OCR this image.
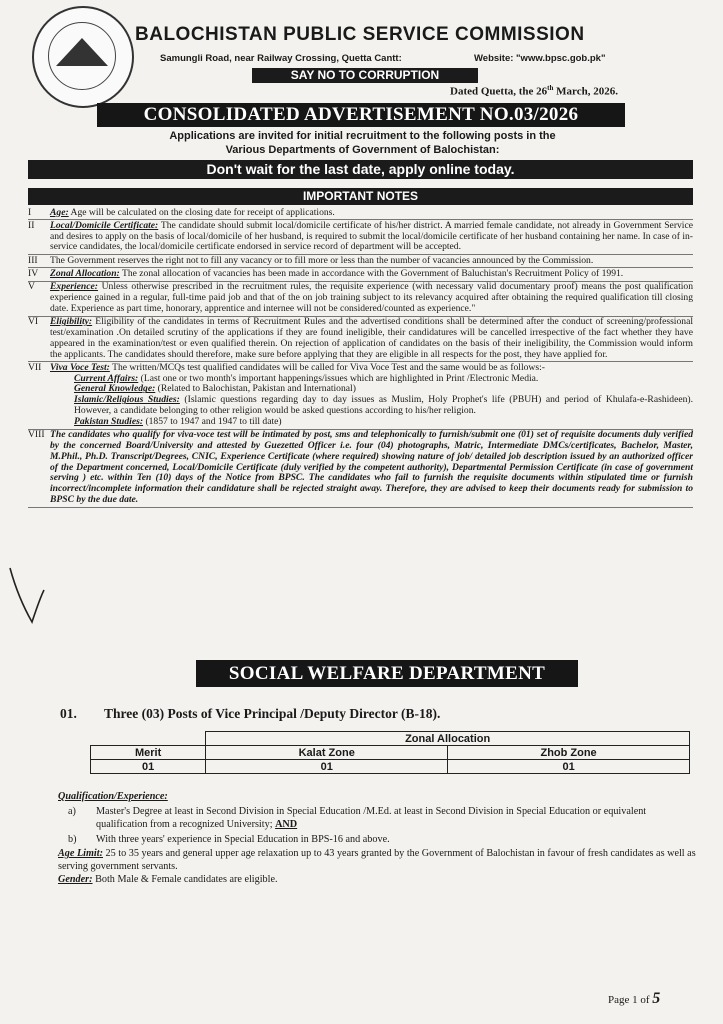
BALOCHISTAN PUBLIC SERVICE COMMISSION
Samungli Road, near Railway Crossing, Quetta Cantt:	Website: "www.bpsc.gob.pk"
SAY NO TO CORRUPTION
Dated Quetta, the 26th March, 2026.
CONSOLIDATED ADVERTISEMENT NO.03/2026
Applications are invited for initial recruitment to the following posts in the
Various Departments of Government of Balochistan:
Don't wait for the last date, apply online today.
IMPORTANT NOTES
I	Age: Age will be calculated on the closing date for receipt of applications.
II	Local/Domicile Certificate: The candidate should submit local/domicile certificate of his/her district. A married female candidate, not already in Government Service and desires to apply on the basis of local/domicile of her husband, is required to submit the local/domicile certificate of her husband containing her name. In case of in-service candidates, the local/domicile certificate endorsed in service record of department will be accepted.
III	The Government reserves the right not to fill any vacancy or to fill more or less than the number of vacancies announced by the Commission.
IV	Zonal Allocation: The zonal allocation of vacancies has been made in accordance with the Government of Baluchistan's Recruitment Policy of 1991.
V	Experience: Unless otherwise prescribed in the recruitment rules, the requisite experience (with necessary valid documentary proof) means the post qualification experience gained in a regular, full-time paid job and that of the on job training subject to its relevancy acquired after obtaining the required qualification till closing date. Experience as part time, honorary, apprentice and internee will not be considered/counted as experience."
VI	Eligibility: Eligibility of the candidates in terms of Recruitment Rules and the advertised conditions shall be determined after the conduct of screening/professional test/examination .On detailed scrutiny of the applications if they are found ineligible, their candidatures will be cancelled irrespective of the fact whether they have appeared in the examination/test or even qualified therein. On rejection of application of candidates on the basis of their ineligibility, the Commission would inform the applicants. The candidates should therefore, make sure before applying that they are eligible in all respects for the post, they have applied for.
VII Viva Voce Test: The written/MCQs test qualified candidates will be called for Viva Voce Test and the same would be as follows:-
Current Affairs: (Last one or two month's important happenings/issues which are highlighted in Print /Electronic Media.
General Knowledge: (Related to Balochistan, Pakistan and International)
Islamic/Religious Studies: (Islamic questions regarding day to day issues as Muslim, Holy Prophet's life (PBUH) and period of Khulafa-e-Rashideen). However, a candidate belonging to other religion would be asked questions according to his/her religion.
Pakistan Studies: (1857 to 1947 and 1947 to till date)
VIII The candidates who qualify for viva-voce test will be intimated by post, sms and telephonically to furnish/submit one (01) set of requisite documents duly verified by the concerned Board/University and attested by Guezetted Officer i.e. four (04) photographs, Matric, Intermediate DMCs/certificates, Bachelor, Master, M.Phil., Ph.D. Transcript/Degrees, CNIC, Experience Certificate (where required) showing nature of job/ detailed job description issued by an authorized officer of the Department concerned, Local/Domicile Certificate (duly verified by the competent authority), Departmental Permission Certificate (in case of government serving ) etc. within Ten (10) days of the Notice from BPSC. The candidates who fail to furnish the requisite documents within stipulated time or furnish incorrect/incomplete information their candidature shall be rejected straight away. Therefore, they are advised to keep their documents ready for submission to BPSC by the due date.
SOCIAL WELFARE DEPARTMENT
01. Three (03) Posts of Vice Principal /Deputy Director (B-18).
	Zonal Allocation	
Merit	Kalat Zone	Zhob Zone
01	01	01
Qualification/Experience:
a)	Master's Degree at least in Second Division in Special Education /M.Ed. at least in Second Division in Special Education or equivalent qualification from a recognized University; AND
b)	With three years' experience in Special Education in BPS-16 and above.
Age Limit: 25 to 35 years and general upper age relaxation up to 43 years granted by the Government of Balochistan in favour of fresh candidates as well as serving government servants.
Gender: Both Male & Female candidates are eligible.
Page 1 of 5
